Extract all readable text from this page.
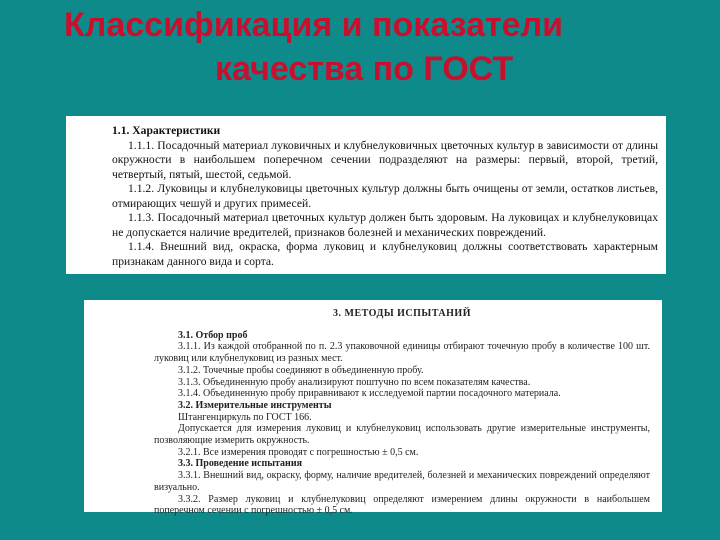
Классификация и показатели
качества по ГОСТ

1.1. Характеристики

1.1.1. Посадочный материал луковичных и клубнелуковичных цветочных культур в зависимости от длины окружности в наибольшем поперечном сечении подразделяют на размеры: первый, второй, третий, четвертый, пятый, шестой, седьмой.

1.1.2. Луковицы и клубнелуковицы цветочных культур должны быть очищены от земли, остатков листьев, отмирающих чешуй и других примесей.

1.1.3. Посадочный материал цветочных культур должен быть здоровым. На луковицах и клубнелуковицах не допускается наличие вредителей, признаков болезней и механических повреждений.

1.1.4. Внешний вид, окраска, форма луковиц и клубнелуковиц должны соответствовать характерным признакам данного вида и сорта.

3. МЕТОДЫ ИСПЫТАНИЙ

3.1. Отбор проб

3.1.1. Из каждой отобранной по п. 2.3 упаковочной единицы отбирают точечную пробу в количестве 100 шт. луковиц или клубнелуковиц из разных мест.

3.1.2. Точечные пробы соединяют в объединенную пробу.

3.1.3. Объединенную пробу анализируют поштучно по всем показателям качества.

3.1.4. Объединенную пробу приравнивают к исследуемой партии посадочного материала.

3.2. Измерительные инструменты

Штангенциркуль по ГОСТ 166.

Допускается для измерения луковиц и клубнелуковиц использовать другие измерительные инструменты, позволяющие измерить окружность.

3.2.1. Все измерения проводят с погрешностью ± 0,5 см.

3.3. Проведение испытания

3.3.1. Внешний вид, окраску, форму, наличие вредителей, болезней и механических повреждений определяют визуально.

3.3.2. Размер луковиц и клубнелуковиц определяют измерением длины окружности в наибольшем поперечном сечении с погрешностью ± 0,5 см.
